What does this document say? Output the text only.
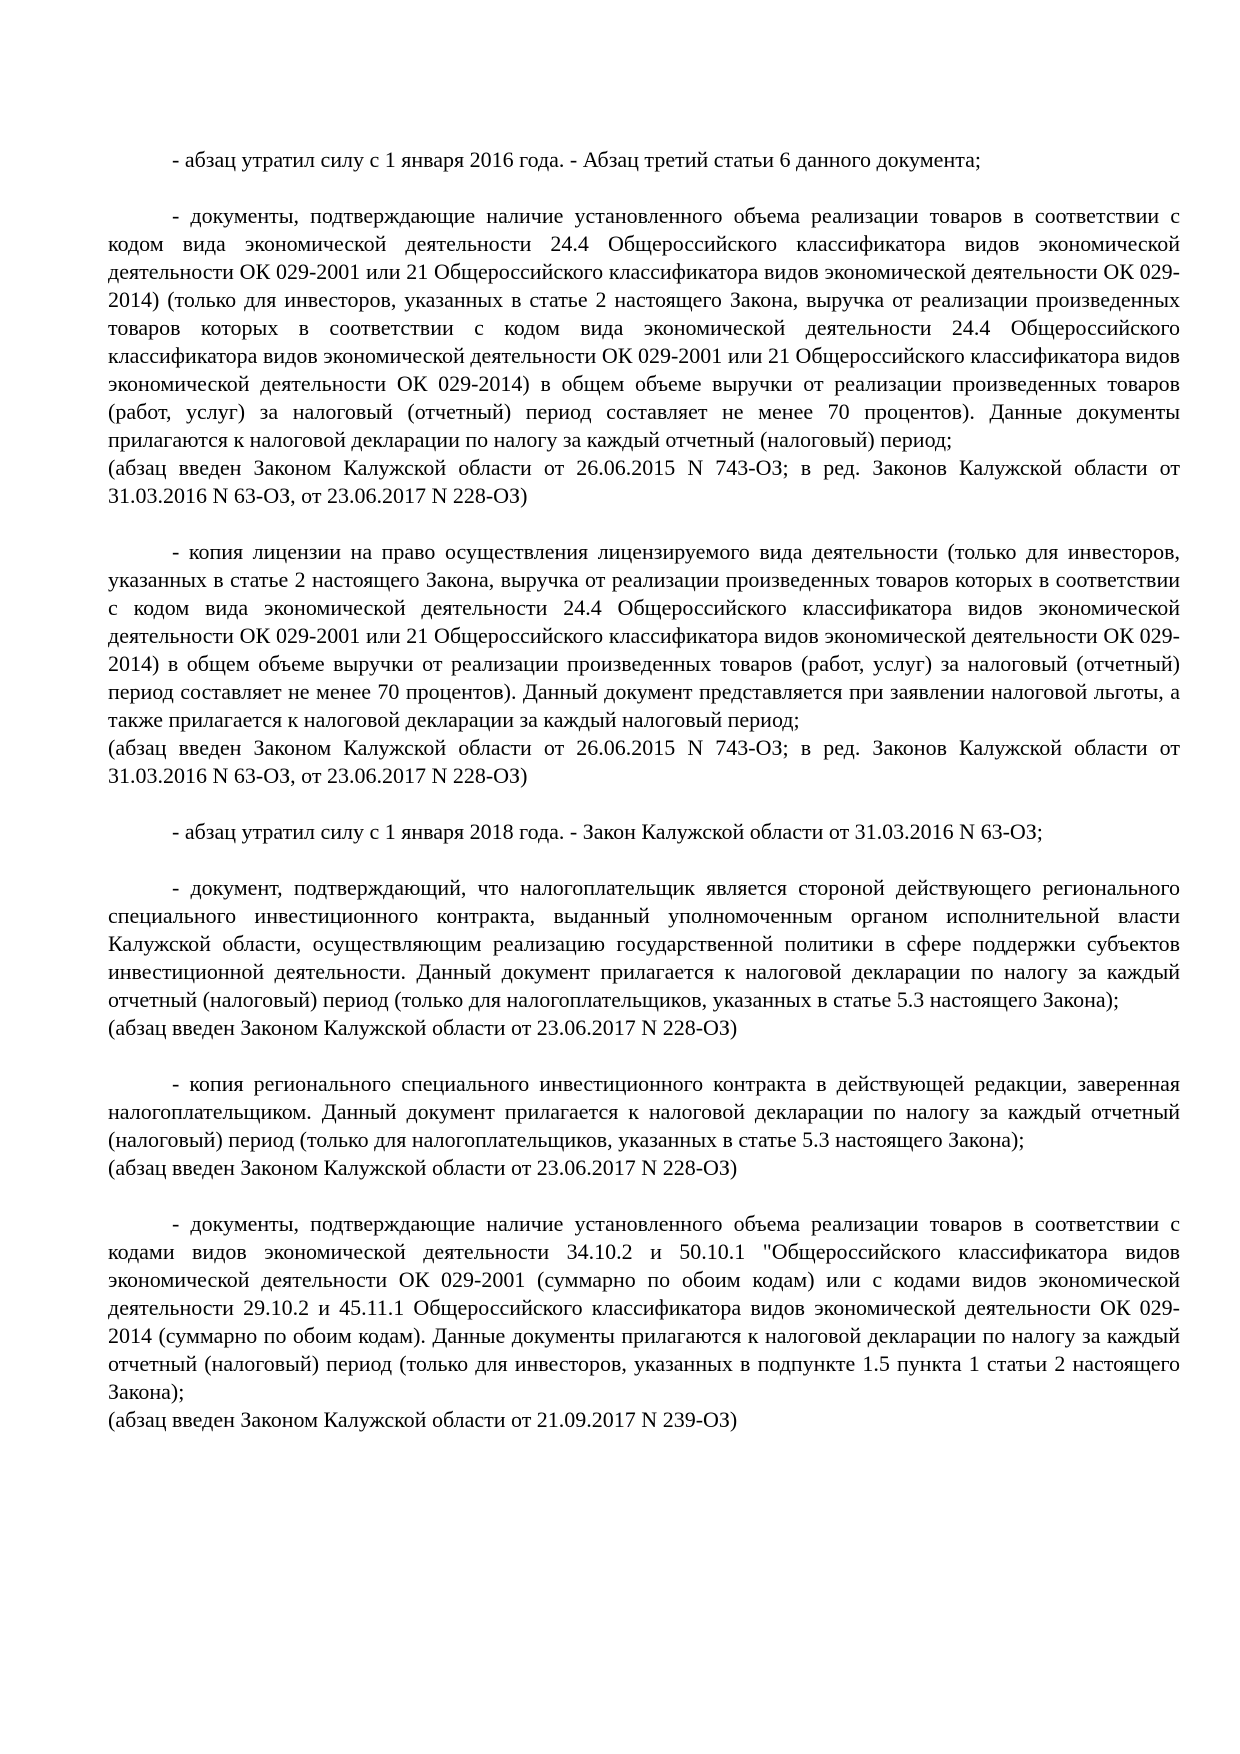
- абзац утратил силу с 1 января 2016 года. - Абзац третий статьи 6 данного документа;

- документы, подтверждающие наличие установленного объема реализации товаров в соответствии с кодом вида экономической деятельности 24.4 Общероссийского классификатора видов экономической деятельности ОК 029-2001 или 21 Общероссийского классификатора видов экономической деятельности ОК 029-2014) (только для инвесторов, указанных в статье 2 настоящего Закона, выручка от реализации произведенных товаров которых в соответствии с кодом вида экономической деятельности 24.4 Общероссийского классификатора видов экономической деятельности ОК 029-2001 или 21 Общероссийского классификатора видов экономической деятельности ОК 029-2014) в общем объеме выручки от реализации произведенных товаров (работ, услуг) за налоговый (отчетный) период составляет не менее 70 процентов). Данные документы прилагаются к налоговой декларации по налогу за каждый отчетный (налоговый) период;

(абзац введен Законом Калужской области от 26.06.2015 N 743-ОЗ; в ред. Законов Калужской области от 31.03.2016 N 63-ОЗ, от 23.06.2017 N 228-ОЗ)

- копия лицензии на право осуществления лицензируемого вида деятельности (только для инвесторов, указанных в статье 2 настоящего Закона, выручка от реализации произведенных товаров которых в соответствии с кодом вида экономической деятельности 24.4 Общероссийского классификатора видов экономической деятельности ОК 029-2001 или 21 Общероссийского классификатора видов экономической деятельности ОК 029-2014) в общем объеме выручки от реализации произведенных товаров (работ, услуг) за налоговый (отчетный) период составляет не менее 70 процентов). Данный документ представляется при заявлении налоговой льготы, а также прилагается к налоговой декларации за каждый налоговый период;

(абзац введен Законом Калужской области от 26.06.2015 N 743-ОЗ; в ред. Законов Калужской области от 31.03.2016 N 63-ОЗ, от 23.06.2017 N 228-ОЗ)

- абзац утратил силу с 1 января 2018 года. - Закон Калужской области от 31.03.2016 N 63-ОЗ;

- документ, подтверждающий, что налогоплательщик является стороной действующего регионального специального инвестиционного контракта, выданный уполномоченным органом исполнительной власти Калужской области, осуществляющим реализацию государственной политики в сфере поддержки субъектов инвестиционной деятельности. Данный документ прилагается к налоговой декларации по налогу за каждый отчетный (налоговый) период (только для налогоплательщиков, указанных в статье 5.3 настоящего Закона);

(абзац введен Законом Калужской области от 23.06.2017 N 228-ОЗ)

- копия регионального специального инвестиционного контракта в действующей редакции, заверенная налогоплательщиком. Данный документ прилагается к налоговой декларации по налогу за каждый отчетный (налоговый) период (только для налогоплательщиков, указанных в статье 5.3 настоящего Закона);

(абзац введен Законом Калужской области от 23.06.2017 N 228-ОЗ)

- документы, подтверждающие наличие установленного объема реализации товаров в соответствии с кодами видов экономической деятельности 34.10.2 и 50.10.1 "Общероссийского классификатора видов экономической деятельности ОК 029-2001 (суммарно по обоим кодам) или с кодами видов экономической деятельности 29.10.2 и 45.11.1 Общероссийского классификатора видов экономической деятельности ОК 029-2014 (суммарно по обоим кодам). Данные документы прилагаются к налоговой декларации по налогу за каждый отчетный (налоговый) период (только для инвесторов, указанных в подпункте 1.5 пункта 1 статьи 2 настоящего Закона);

(абзац введен Законом Калужской области от 21.09.2017 N 239-ОЗ)
